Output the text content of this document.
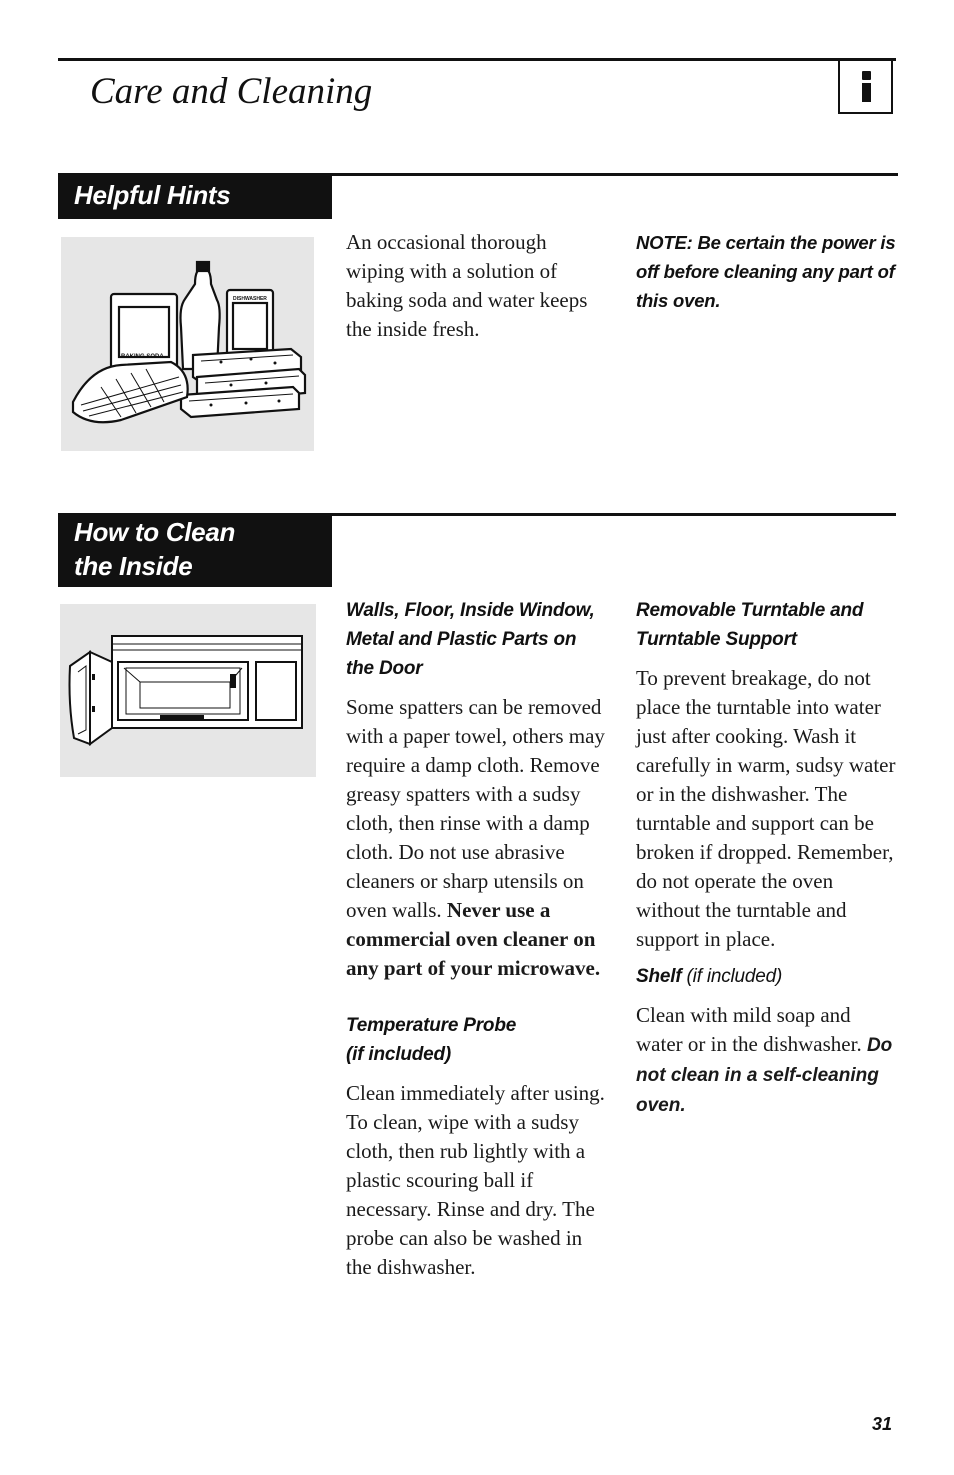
Care and Cleaning
Helpful Hints
BAKING SODA
DISHWASHER

An occasional thorough wiping with a solution of baking soda and water keeps the inside fresh.

NOTE: Be certain the power is off before cleaning any part of this oven.

How to Clean
the Inside

Walls, Floor, Inside Window, Metal and Plastic Parts on the Door

Some spatters can be removed with a paper towel, others may require a damp cloth. Remove greasy spatters with a sudsy cloth, then rinse with a damp cloth. Do not use abrasive cleaners or sharp utensils on oven walls. Never use a commercial oven cleaner on any part of your microwave.

Temperature Probe
(if included)

Clean immediately after using. To clean, wipe with a sudsy cloth, then rub lightly with a plastic scouring ball if necessary. Rinse and dry. The probe can also be washed in the dishwasher.

Removable Turntable and Turntable Support

To prevent breakage, do not place the turntable into water just after cooking. Wash it carefully in warm, sudsy water or in the dishwasher. The turntable and support can be broken if dropped. Remember, do not operate the oven without the turntable and support in place.

Shelf (if included)

Clean with mild soap and water or in the dishwasher. Do not clean in a self-cleaning oven.

31
